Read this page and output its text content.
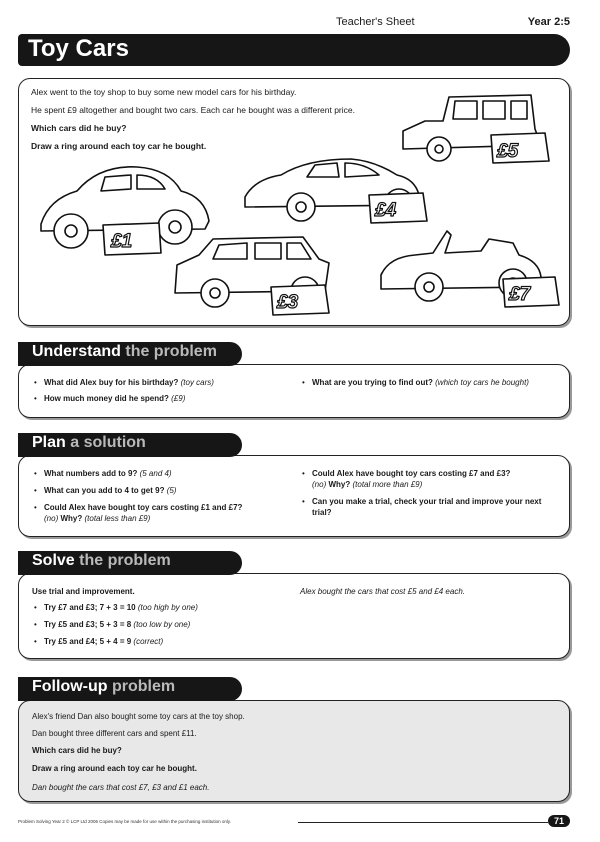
Teacher's Sheet	Year 2:5
Toy Cars

Alex went to the toy shop to buy some new model cars for his birthday.

He spent £9 altogether and bought two cars. Each car he bought was a different price.

Which cars did he buy?

Draw a ring around each toy car he bought.

£1
£4
£5
£3	£7
Understand the problem
• What did Alex buy for his birthday? (toy cars)
• How much money did he spend? (£9)
• What are you trying to find out? (which toy cars he bought)
Plan a solution
• What numbers add to 9? (5 and 4)
• What can you add to 4 to get 9? (5)
• Could Alex have bought toy cars costing £1 and £7?
(no) Why? (total less than £9)
• Could Alex have bought toy cars costing £7 and £3?
(no) Why? (total more than £9)
• Can you make a trial, check your trial and improve your next trial?
Solve the problem
Use trial and improvement.
• Try £7 and £3; 7 + 3 = 10 (too high by one)
• Try £5 and £3; 5 + 3 = 8 (too low by one)
• Try £5 and £4; 5 + 4 = 9 (correct)
Alex bought the cars that cost £5 and £4 each.
Follow-up problem
Alex's friend Dan also bought some toy cars at the toy shop.
Dan bought three different cars and spent £11.
Which cars did he buy?
Draw a ring around each toy car he bought.
Dan bought the cars that cost £7, £3 and £1 each.
Problem Solving Year 2 © LCP Ltd 2006 Copies may be made for use within the purchasing institution only.	71
